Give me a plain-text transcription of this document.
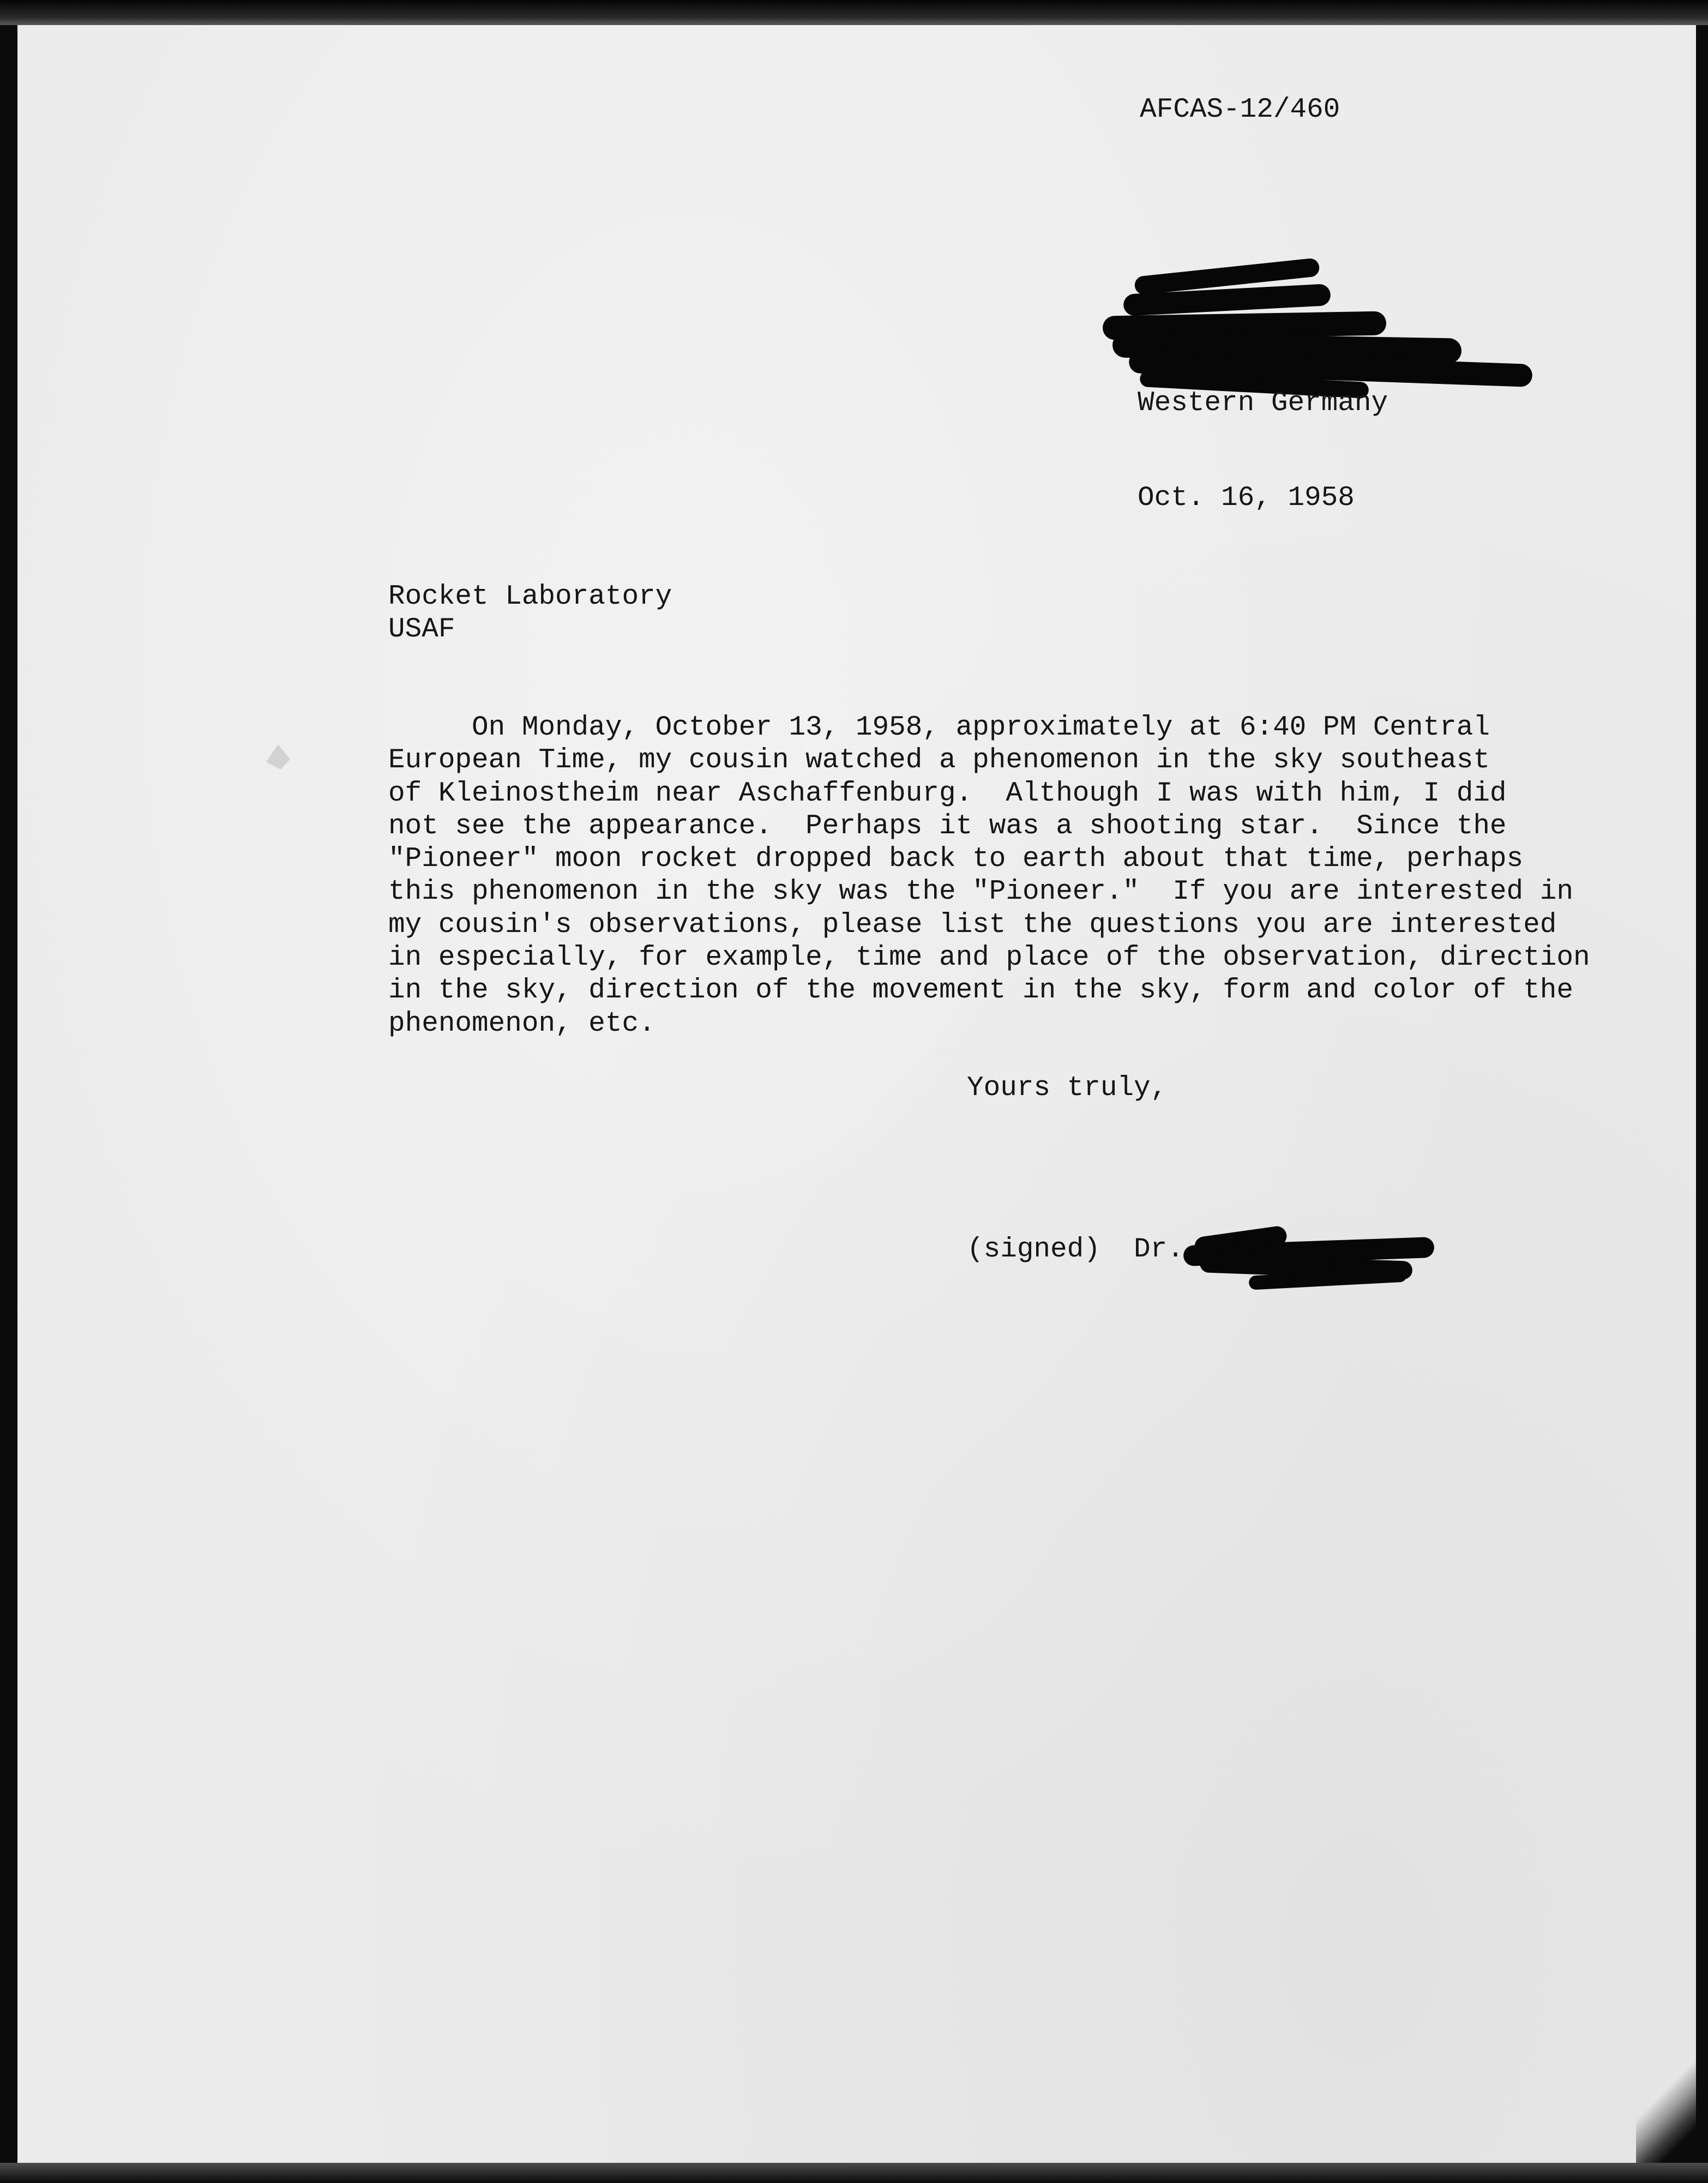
AFCAS-12/460
Western Germany
Oct. 16, 1958
Rocket Laboratory
USAF
On Monday, October 13, 1958, approximately at 6:40 PM Central
European Time, my cousin watched a phenomenon in the sky southeast
of Kleinostheim near Aschaffenburg.  Although I was with him, I did
not see the appearance.  Perhaps it was a shooting star.  Since the
"Pioneer" moon rocket dropped back to earth about that time, perhaps
this phenomenon in the sky was the "Pioneer."  If you are interested in
my cousin's observations, please list the questions you are interested
in especially, for example, time and place of the observation, direction
in the sky, direction of the movement in the sky, form and color of the
phenomenon, etc.
Yours truly,
(signed)  Dr.
